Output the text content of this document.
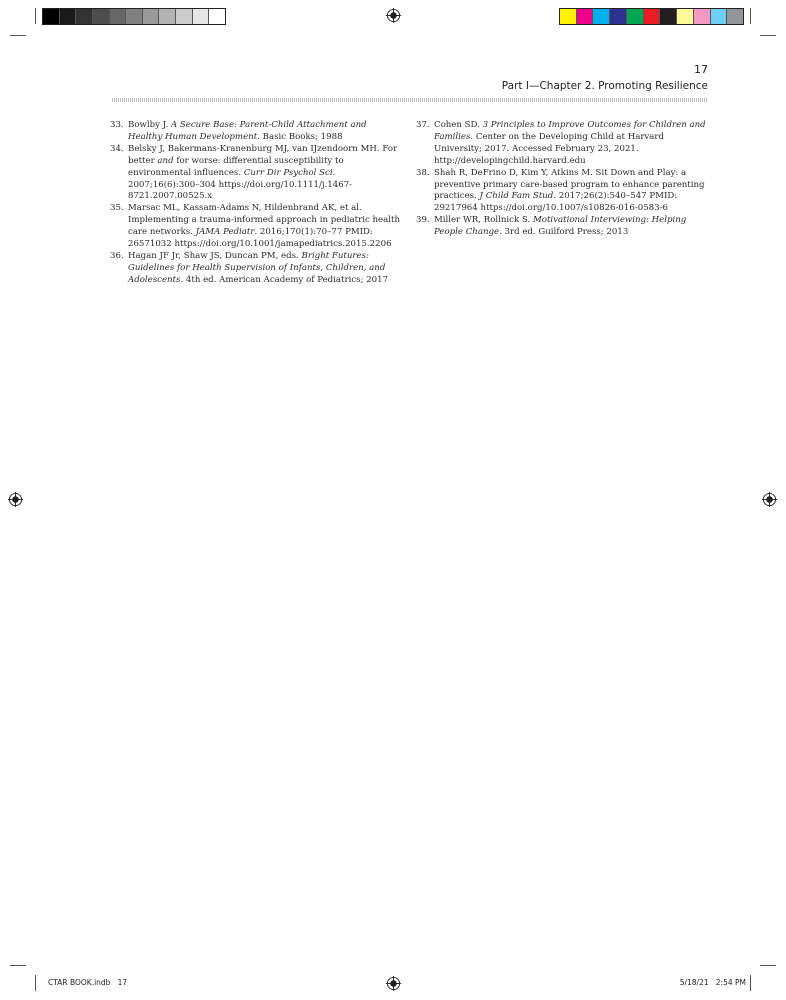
17
Part I—Chapter 2. Promoting Resilience
33. Bowlby J. A Secure Base: Parent-Child Attachment and Healthy Human Development. Basic Books; 1988
34. Belsky J, Bakermans-Kranenburg MJ, van IJzendoorn MH. For better and for worse: differential susceptibility to environmental influences. Curr Dir Psychol Sci. 2007;16(6):300–304 https://doi.org/10.1111/j.1467-8721.2007.00525.x
35. Marsac ML, Kassam-Adams N, Hildenbrand AK, et al. Implementing a trauma-informed approach in pediatric health care networks. JAMA Pediatr. 2016;170(1):70–77 PMID: 26571032 https://doi.org/10.1001/jamapediatrics.2015.2206
36. Hagan JF Jr, Shaw JS, Duncan PM, eds. Bright Futures: Guidelines for Health Supervision of Infants, Children, and Adolescents. 4th ed. American Academy of Pediatrics; 2017
37. Cohen SD. 3 Principles to Improve Outcomes for Children and Families. Center on the Developing Child at Harvard University; 2017. Accessed February 23, 2021. http://developingchild.harvard.edu
38. Shah R, DeFrino D, Kim Y, Atkins M. Sit Down and Play: a preventive primary care-based program to enhance parenting practices. J Child Fam Stud. 2017;26(2):540–547 PMID: 29217964 https://doi.org/10.1007/s10826-016-0583-6
39. Miller WR, Rollnick S. Motivational Interviewing: Helping People Change. 3rd ed. Guilford Press; 2013
CTAR BOOK.indb   17	5/18/21   2:54 PM
